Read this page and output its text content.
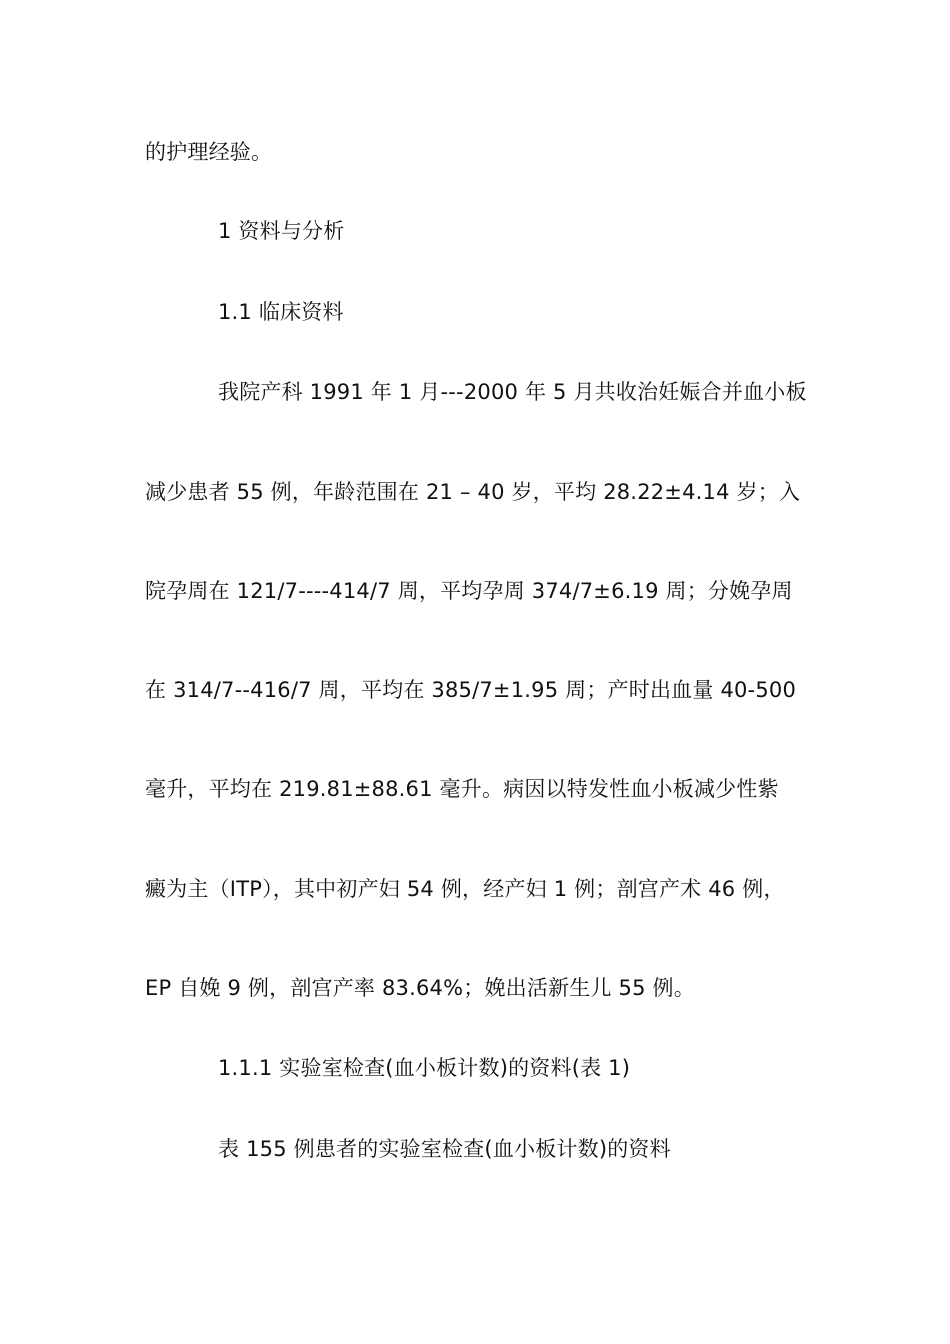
的护理经验。
1 资料与分析
1.1 临床资料
我院产科 1991 年 1 月---2000 年 5 月共收治妊娠合并血小板
减少患者 55 例，年龄范围在 21 – 40 岁，平均 28.22±4.14 岁；入
院孕周在 121/7----414/7 周，平均孕周 374/7±6.19 周；分娩孕周
在 314/7--416/7 周，平均在 385/7±1.95 周；产时出血量 40-500
毫升，平均在 219.81±88.61 毫升。病因以特发性血小板减少性紫
癜为主（ITP），其中初产妇 54 例，经产妇 1 例；剖宫产术 46 例，
EP 自娩 9 例，剖宫产率 83.64%；娩出活新生儿 55 例。
1.1.1 实验室检查(血小板计数)的资料(表 1)
表 155 例患者的实验室检查(血小板计数)的资料
